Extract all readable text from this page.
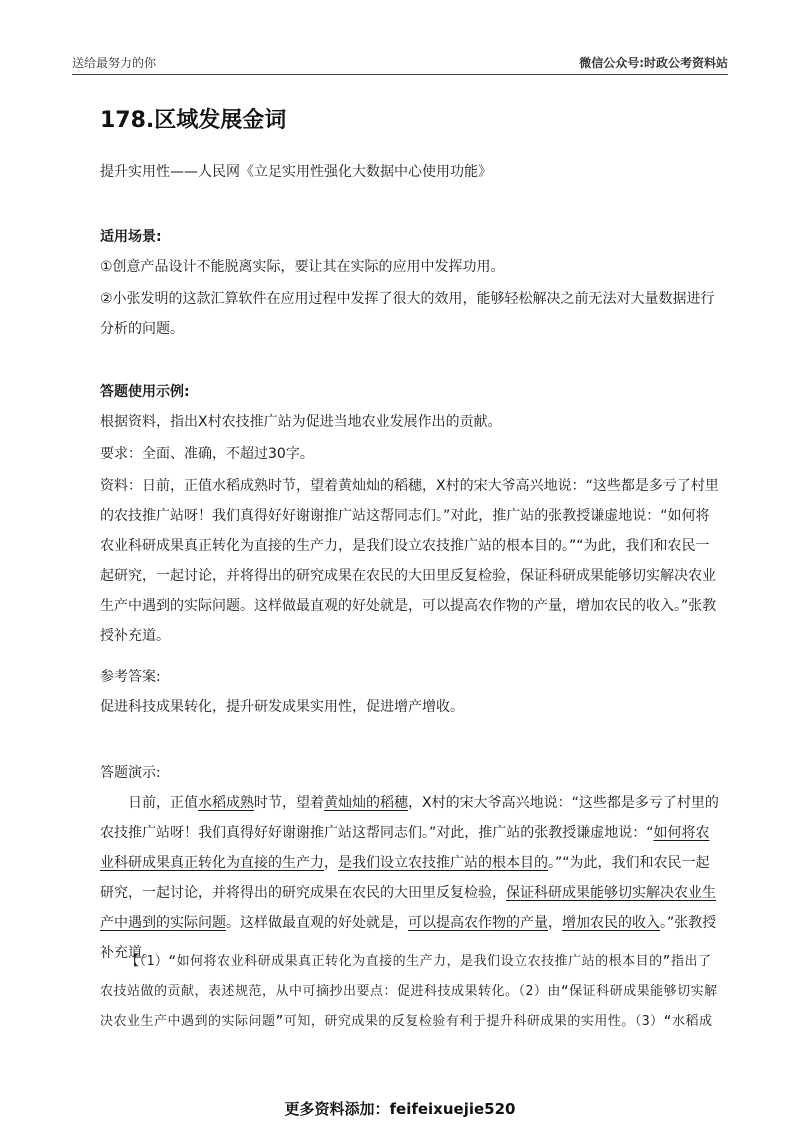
送给最努力的你	微信公众号:时政公考资料站
178.区域发展金词
提升实用性——人民网《立足实用性强化大数据中心使用功能》
适用场景:
①创意产品设计不能脱离实际，要让其在实际的应用中发挥功用。
②小张发明的这款汇算软件在应用过程中发挥了很大的效用，能够轻松解决之前无法对大量数据进行分析的问题。
答题使用示例:
根据资料，指出X村农技推广站为促进当地农业发展作出的贡献。
要求：全面、准确，不超过30字。
资料：日前，正值水稻成熟时节，望着黄灿灿的稻穗，X村的宋大爷高兴地说：“这些都是多亏了村里的农技推广站呀！我们真得好好谢谢推广站这帮同志们。”对此，推广站的张教授谦虚地说：“如何将农业科研成果真正转化为直接的生产力，是我们设立农技推广站的根本目的。”“为此，我们和农民一起研究，一起讨论，并将得出的研究成果在农民的大田里反复检验，保证科研成果能够切实解决农业生产中遇到的实际问题。这样做最直观的好处就是，可以提高农作物的产量，增加农民的收入。”张教授补充道。
参考答案:
促进科技成果转化，提升研发成果实用性，促进增产增收。
答题演示:
日前，正值水稻成熟时节，望着黄灿灿的稻穗，X村的宋大爷高兴地说：“这些都是多亏了村里的农技推广站呀！我们真得好好谢谢推广站这帮同志们。”对此，推广站的张教授谦虚地说：“如何将农业科研成果真正转化为直接的生产力，是我们设立农技推广站的根本目的。”“为此，我们和农民一起研究，一起讨论，并将得出的研究成果在农民的大田里反复检验，保证科研成果能够切实解决农业生产中遇到的实际问题。这样做最直观的好处就是，可以提高农作物的产量，增加农民的收入。”张教授补充道。
【（1）“如何将农业科研成果真正转化为直接的生产力，是我们设立农技推广站的根本目的”指出了农技站做的贡献，表述规范，从中可摘抄出要点：促进科技成果转化。（2）由“保证科研成果能够切实解决农业生产中遇到的实际问题”可知，研究成果的反复检验有利于提升科研成果的实用性。（3）“水稻成
更多资料添加：feifeixuejie520
